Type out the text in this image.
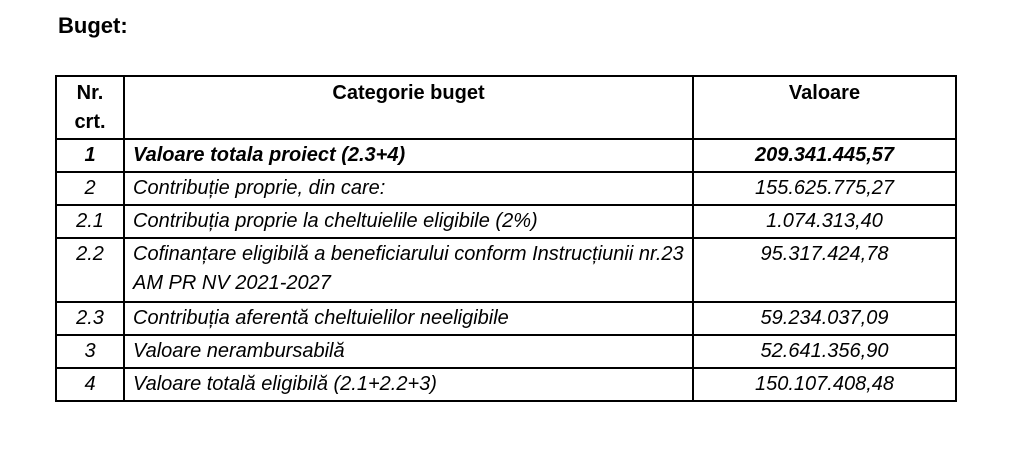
Buget:
Nr.
crt.	Categorie buget	Valoare
1	Valoare totala proiect (2.3+4)	209.341.445,57
2	Contribuție proprie, din care:	155.625.775,27
2.1	Contribuția proprie la cheltuielile eligibile (2%)	1.074.313,40
2.2	Cofinanțare eligibilă a beneficiarului conform Instrucțiunii nr.23 AM PR NV 2021-2027	95.317.424,78
2.3	Contribuția aferentă cheltuielilor neeligibile	59.234.037,09
3	Valoare nerambursabilă	52.641.356,90
4	Valoare totală eligibilă (2.1+2.2+3)	150.107.408,48
